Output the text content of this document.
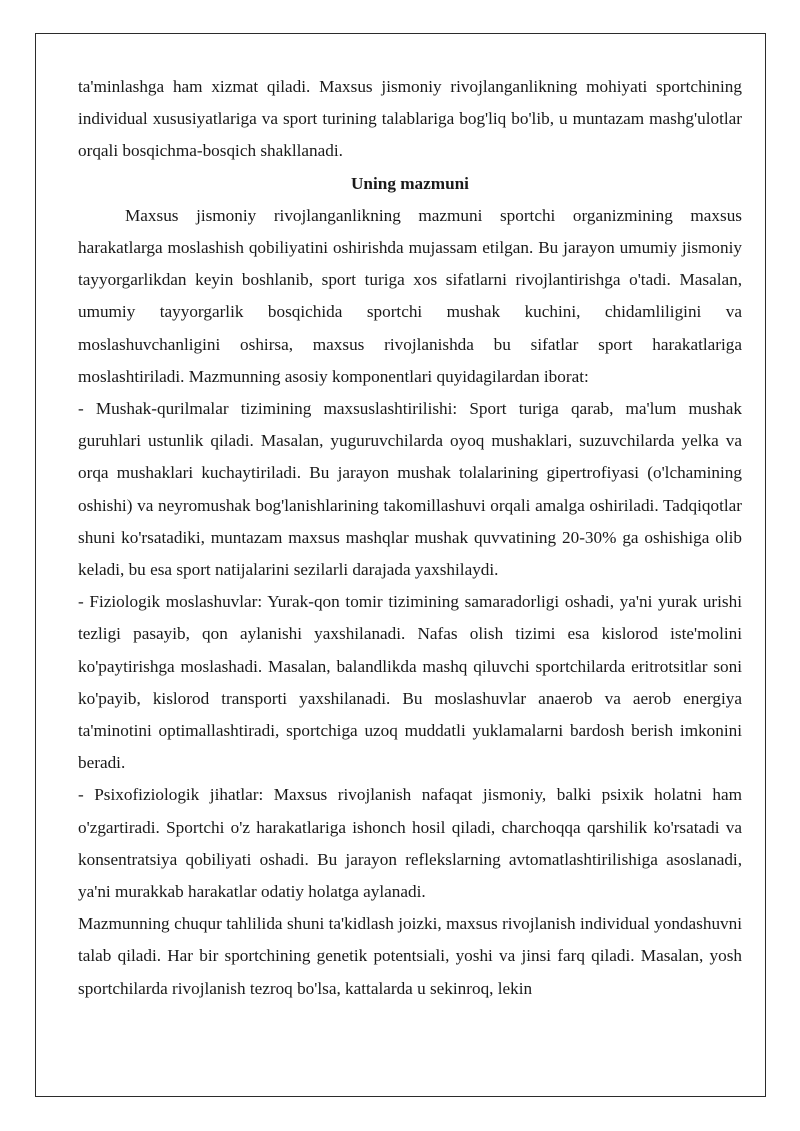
ta'minlashga ham xizmat qiladi. Maxsus jismoniy rivojlanganlikning mohiyati sportchining individual xususiyatlariga va sport turining talablariga bog'liq bo'lib, u muntazam mashg'ulotlar orqali bosqichma-bosqich shakllanadi.

Uning mazmuni

Maxsus jismoniy rivojlanganlikning mazmuni sportchi organizmining maxsus harakatlarga moslashish qobiliyatini oshirishda mujassam etilgan. Bu jarayon umumiy jismoniy tayyorgarlikdan keyin boshlanib, sport turiga xos sifatlarni rivojlantirishga o'tadi. Masalan, umumiy tayyorgarlik bosqichida sportchi mushak kuchini, chidamliligini va moslashuvchanligini oshirsa, maxsus rivojlanishda bu sifatlar sport harakatlariga moslashtiriladi. Mazmunning asosiy komponentlari quyidagilardan iborat:

- Mushak-qurilmalar tizimining maxsuslashtirilishi: Sport turiga qarab, ma'lum mushak guruhlari ustunlik qiladi. Masalan, yuguruvchilarda oyoq mushaklari, suzuvchilarda yelka va orqa mushaklari kuchaytiriladi. Bu jarayon mushak tolalarining gipertrofiyasi (o'lchamining oshishi) va neyromushak bog'lanishlarining takomillashuvi orqali amalga oshiriladi. Tadqiqotlar shuni ko'rsatadiki, muntazam maxsus mashqlar mushak quvvatining 20-30% ga oshishiga olib keladi, bu esa sport natijalarini sezilarli darajada yaxshilaydi.

- Fiziologik moslashuvlar: Yurak-qon tomir tizimining samaradorligi oshadi, ya'ni yurak urishi tezligi pasayib, qon aylanishi yaxshilanadi. Nafas olish tizimi esa kislorod iste'molini ko'paytirishga moslashadi. Masalan, balandlikda mashq qiluvchi sportchilarda eritrotsitlar soni ko'payib, kislorod transporti yaxshilanadi. Bu moslashuvlar anaerob va aerob energiya ta'minotini optimallashtiradi, sportchiga uzoq muddatli yuklamalarni bardosh berish imkonini beradi.

- Psixofiziologik jihatlar: Maxsus rivojlanish nafaqat jismoniy, balki psixik holatni ham o'zgartiradi. Sportchi o'z harakatlariga ishonch hosil qiladi, charchoqqa qarshilik ko'rsatadi va konsentratsiya qobiliyati oshadi. Bu jarayon reflekslarning avtomatlashtirilishiga asoslanadi, ya'ni murakkab harakatlar odatiy holatga aylanadi.

Mazmunning chuqur tahlilida shuni ta'kidlash joizki, maxsus rivojlanish individual yondashuvni talab qiladi. Har bir sportchining genetik potentsiali, yoshi va jinsi farq qiladi. Masalan, yosh sportchilarda rivojlanish tezroq bo'lsa, kattalarda u sekinroq, lekin
